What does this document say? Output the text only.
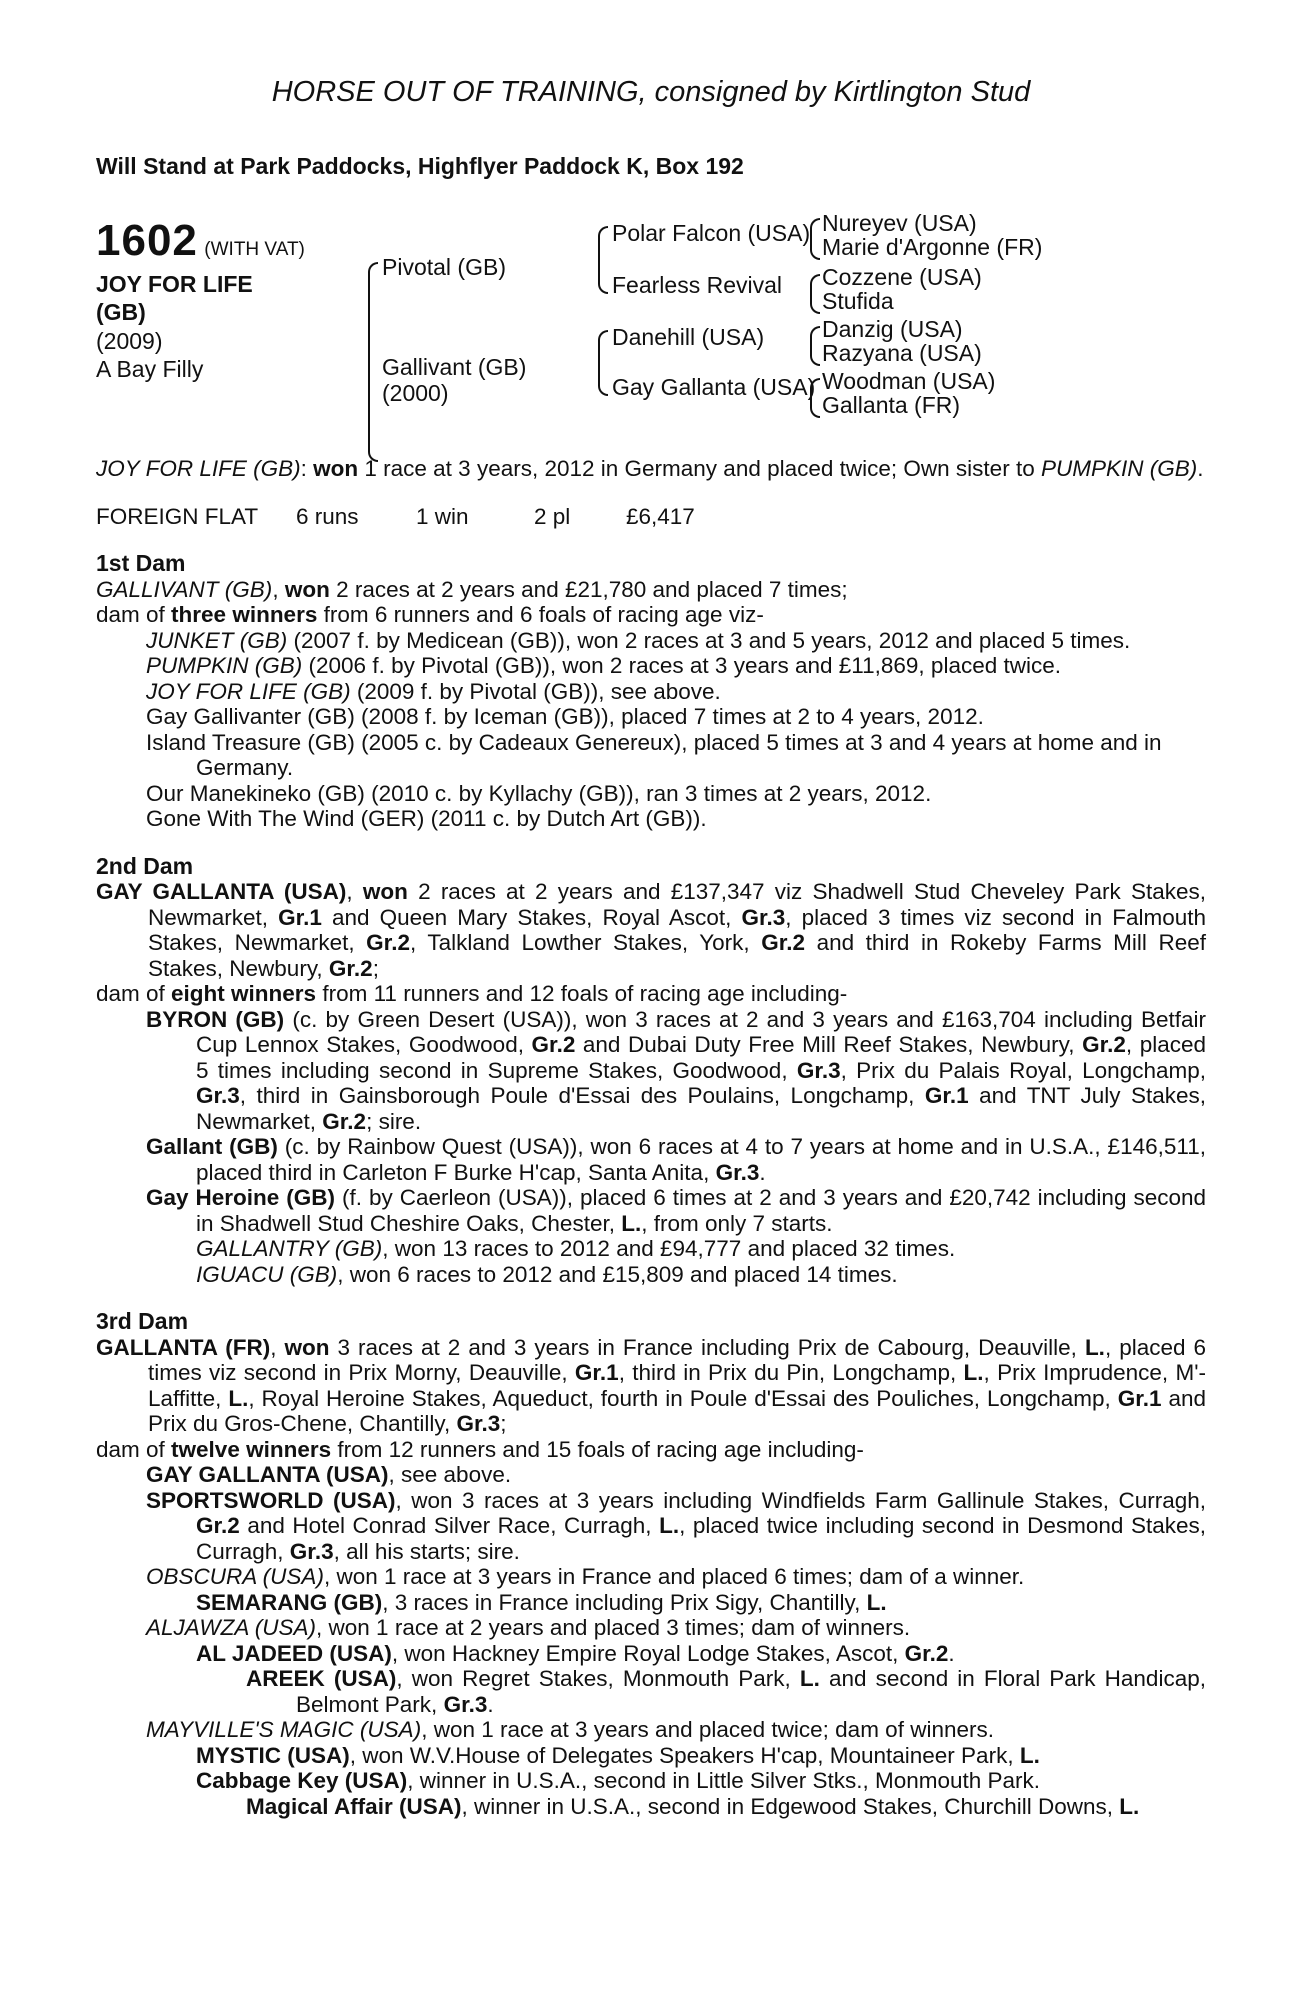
HORSE OUT OF TRAINING, consigned by Kirtlington Stud

Will Stand at Park Paddocks, Highflyer Paddock K, Box 192

1602 (WITH VAT)
JOY FOR LIFE
(GB)
(2009)
A Bay Filly
Pivotal (GB)
Gallivant (GB)
(2000)
Polar Falcon (USA)
Fearless Revival
Danehill (USA)
Gay Gallanta (USA)
Nureyev (USA)
Marie d'Argonne (FR)
Cozzene (USA)
Stufida
Danzig (USA)
Razyana (USA)
Woodman (USA)
Gallanta (FR)

JOY FOR LIFE (GB): won 1 race at 3 years, 2012 in Germany and placed twice; Own sister to PUMPKIN (GB).

FOREIGN FLAT 6 runs	1 win	2 pl £6,417

1st Dam

GALLIVANT (GB), won 2 races at 2 years and £21,780 and placed 7 times;

dam of three winners from 6 runners and 6 foals of racing age viz-

JUNKET (GB) (2007 f. by Medicean (GB)), won 2 races at 3 and 5 years, 2012 and placed 5 times.

PUMPKIN (GB) (2006 f. by Pivotal (GB)), won 2 races at 3 years and £11,869, placed twice.

JOY FOR LIFE (GB) (2009 f. by Pivotal (GB)), see above.

Gay Gallivanter (GB) (2008 f. by Iceman (GB)), placed 7 times at 2 to 4 years, 2012.

Island Treasure (GB) (2005 c. by Cadeaux Genereux), placed 5 times at 3 and 4 years at home and in Germany.

Our Manekineko (GB) (2010 c. by Kyllachy (GB)), ran 3 times at 2 years, 2012.

Gone With The Wind (GER) (2011 c. by Dutch Art (GB)).

2nd Dam

GAY GALLANTA (USA), won 2 races at 2 years and £137,347 viz Shadwell Stud Cheveley Park Stakes, Newmarket, Gr.1 and Queen Mary Stakes, Royal Ascot, Gr.3, placed 3 times viz second in Falmouth Stakes, Newmarket, Gr.2, Talkland Lowther Stakes, York, Gr.2 and third in Rokeby Farms Mill Reef Stakes, Newbury, Gr.2;

dam of eight winners from 11 runners and 12 foals of racing age including-

BYRON (GB) (c. by Green Desert (USA)), won 3 races at 2 and 3 years and £163,704 including Betfair Cup Lennox Stakes, Goodwood, Gr.2 and Dubai Duty Free Mill Reef Stakes, Newbury, Gr.2, placed 5 times including second in Supreme Stakes, Goodwood, Gr.3, Prix du Palais Royal, Longchamp, Gr.3, third in Gainsborough Poule d'Essai des Poulains, Longchamp, Gr.1 and TNT July Stakes, Newmarket, Gr.2; sire.

Gallant (GB) (c. by Rainbow Quest (USA)), won 6 races at 4 to 7 years at home and in U.S.A., £146,511, placed third in Carleton F Burke H'cap, Santa Anita, Gr.3.

Gay Heroine (GB) (f. by Caerleon (USA)), placed 6 times at 2 and 3 years and £20,742 including second in Shadwell Stud Cheshire Oaks, Chester, L., from only 7 starts.

GALLANTRY (GB), won 13 races to 2012 and £94,777 and placed 32 times.

IGUACU (GB), won 6 races to 2012 and £15,809 and placed 14 times.

3rd Dam

GALLANTA (FR), won 3 races at 2 and 3 years in France including Prix de Cabourg, Deauville, L., placed 6 times viz second in Prix Morny, Deauville, Gr.1, third in Prix du Pin, Longchamp, L., Prix Imprudence, M'-Laffitte, L., Royal Heroine Stakes, Aqueduct, fourth in Poule d'Essai des Pouliches, Longchamp, Gr.1 and Prix du Gros-Chene, Chantilly, Gr.3;

dam of twelve winners from 12 runners and 15 foals of racing age including-

GAY GALLANTA (USA), see above.

SPORTSWORLD (USA), won 3 races at 3 years including Windfields Farm Gallinule Stakes, Curragh, Gr.2 and Hotel Conrad Silver Race, Curragh, L., placed twice including second in Desmond Stakes, Curragh, Gr.3, all his starts; sire.

OBSCURA (USA), won 1 race at 3 years in France and placed 6 times; dam of a winner.

SEMARANG (GB), 3 races in France including Prix Sigy, Chantilly, L.

ALJAWZA (USA), won 1 race at 2 years and placed 3 times; dam of winners.

AL JADEED (USA), won Hackney Empire Royal Lodge Stakes, Ascot, Gr.2.

AREEK (USA), won Regret Stakes, Monmouth Park, L. and second in Floral Park Handicap, Belmont Park, Gr.3.

MAYVILLE'S MAGIC (USA), won 1 race at 3 years and placed twice; dam of winners.

MYSTIC (USA), won W.V.House of Delegates Speakers H'cap, Mountaineer Park, L.

Cabbage Key (USA), winner in U.S.A., second in Little Silver Stks., Monmouth Park.

Magical Affair (USA), winner in U.S.A., second in Edgewood Stakes, Churchill Downs, L.
